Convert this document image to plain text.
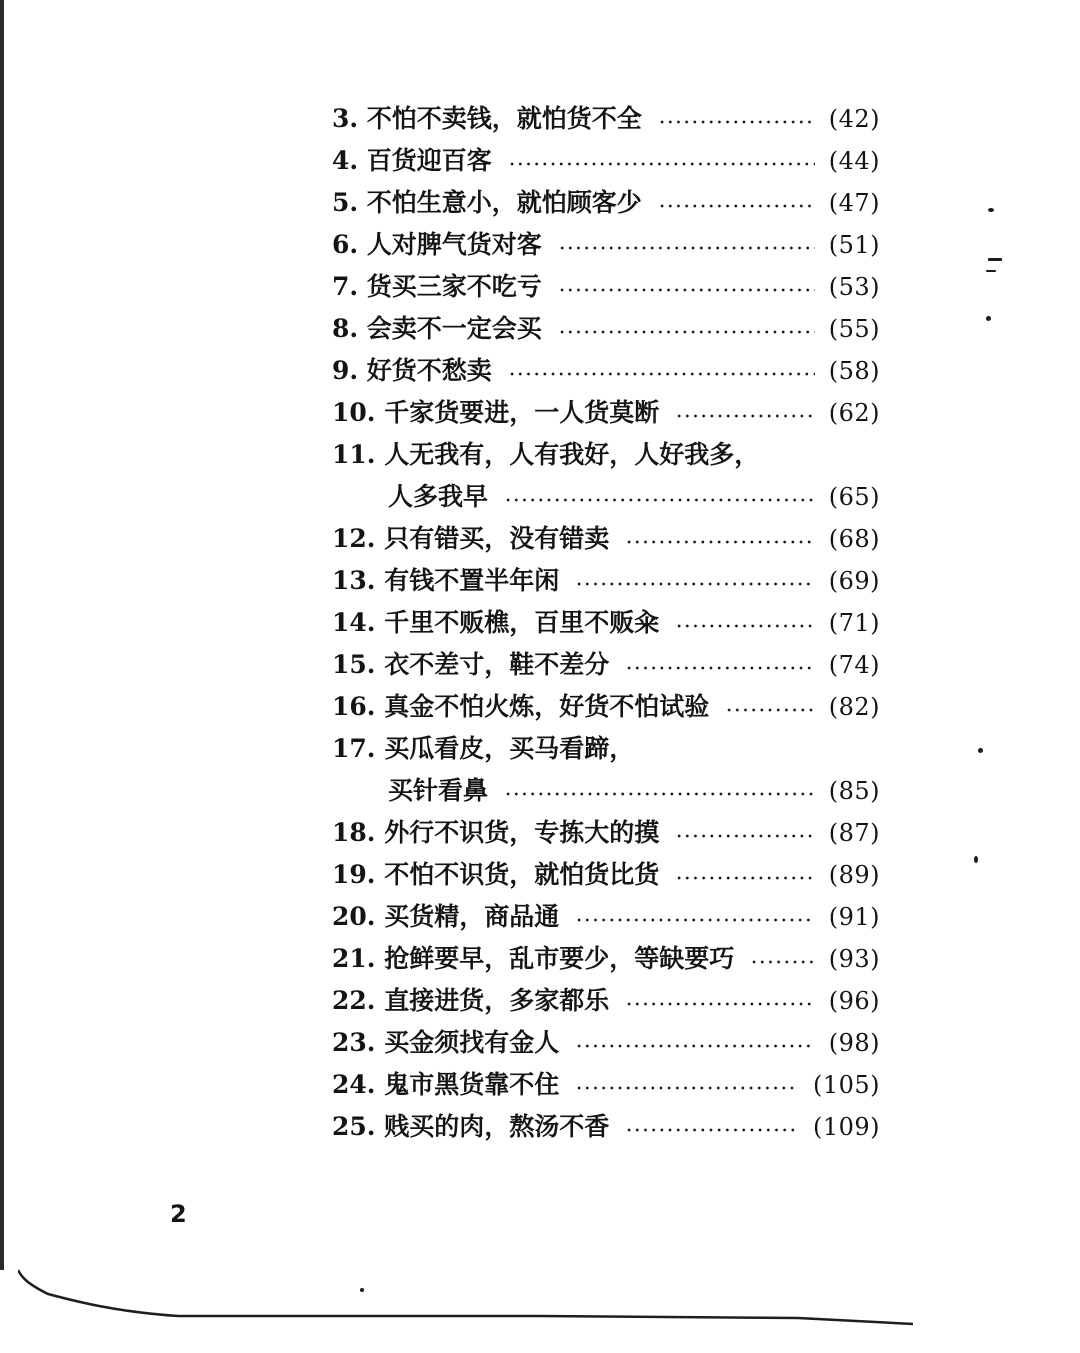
3. 不怕不卖钱，就怕货不全	(42)
4. 百货迎百客	(44)
5. 不怕生意小，就怕顾客少	(47)
6. 人对脾气货对客	(51)
7. 货买三家不吃亏	(53)
8. 会卖不一定会买	(55)
9. 好货不愁卖	(58)
10. 千家货要进，一人货莫断	(62)
11. 人无我有，人有我好，人好我多，
人多我早	(65)
12. 只有错买，没有错卖	(68)
13. 有钱不置半年闲	(69)
14. 千里不贩樵，百里不贩籴	(71)
15. 衣不差寸，鞋不差分	(74)
16. 真金不怕火炼，好货不怕试验	(82)
17. 买瓜看皮，买马看蹄，
买针看鼻	(85)
18. 外行不识货，专拣大的摸	(87)
19. 不怕不识货，就怕货比货	(89)
20. 买货精，商品通	(91)
21. 抢鲜要早，乱市要少，等缺要巧	(93)
22. 直接进货，多家都乐	(96)
23. 买金须找有金人	(98)
24. 鬼市黑货靠不住	(105)
25. 贱买的肉，熬汤不香	(109)
2
